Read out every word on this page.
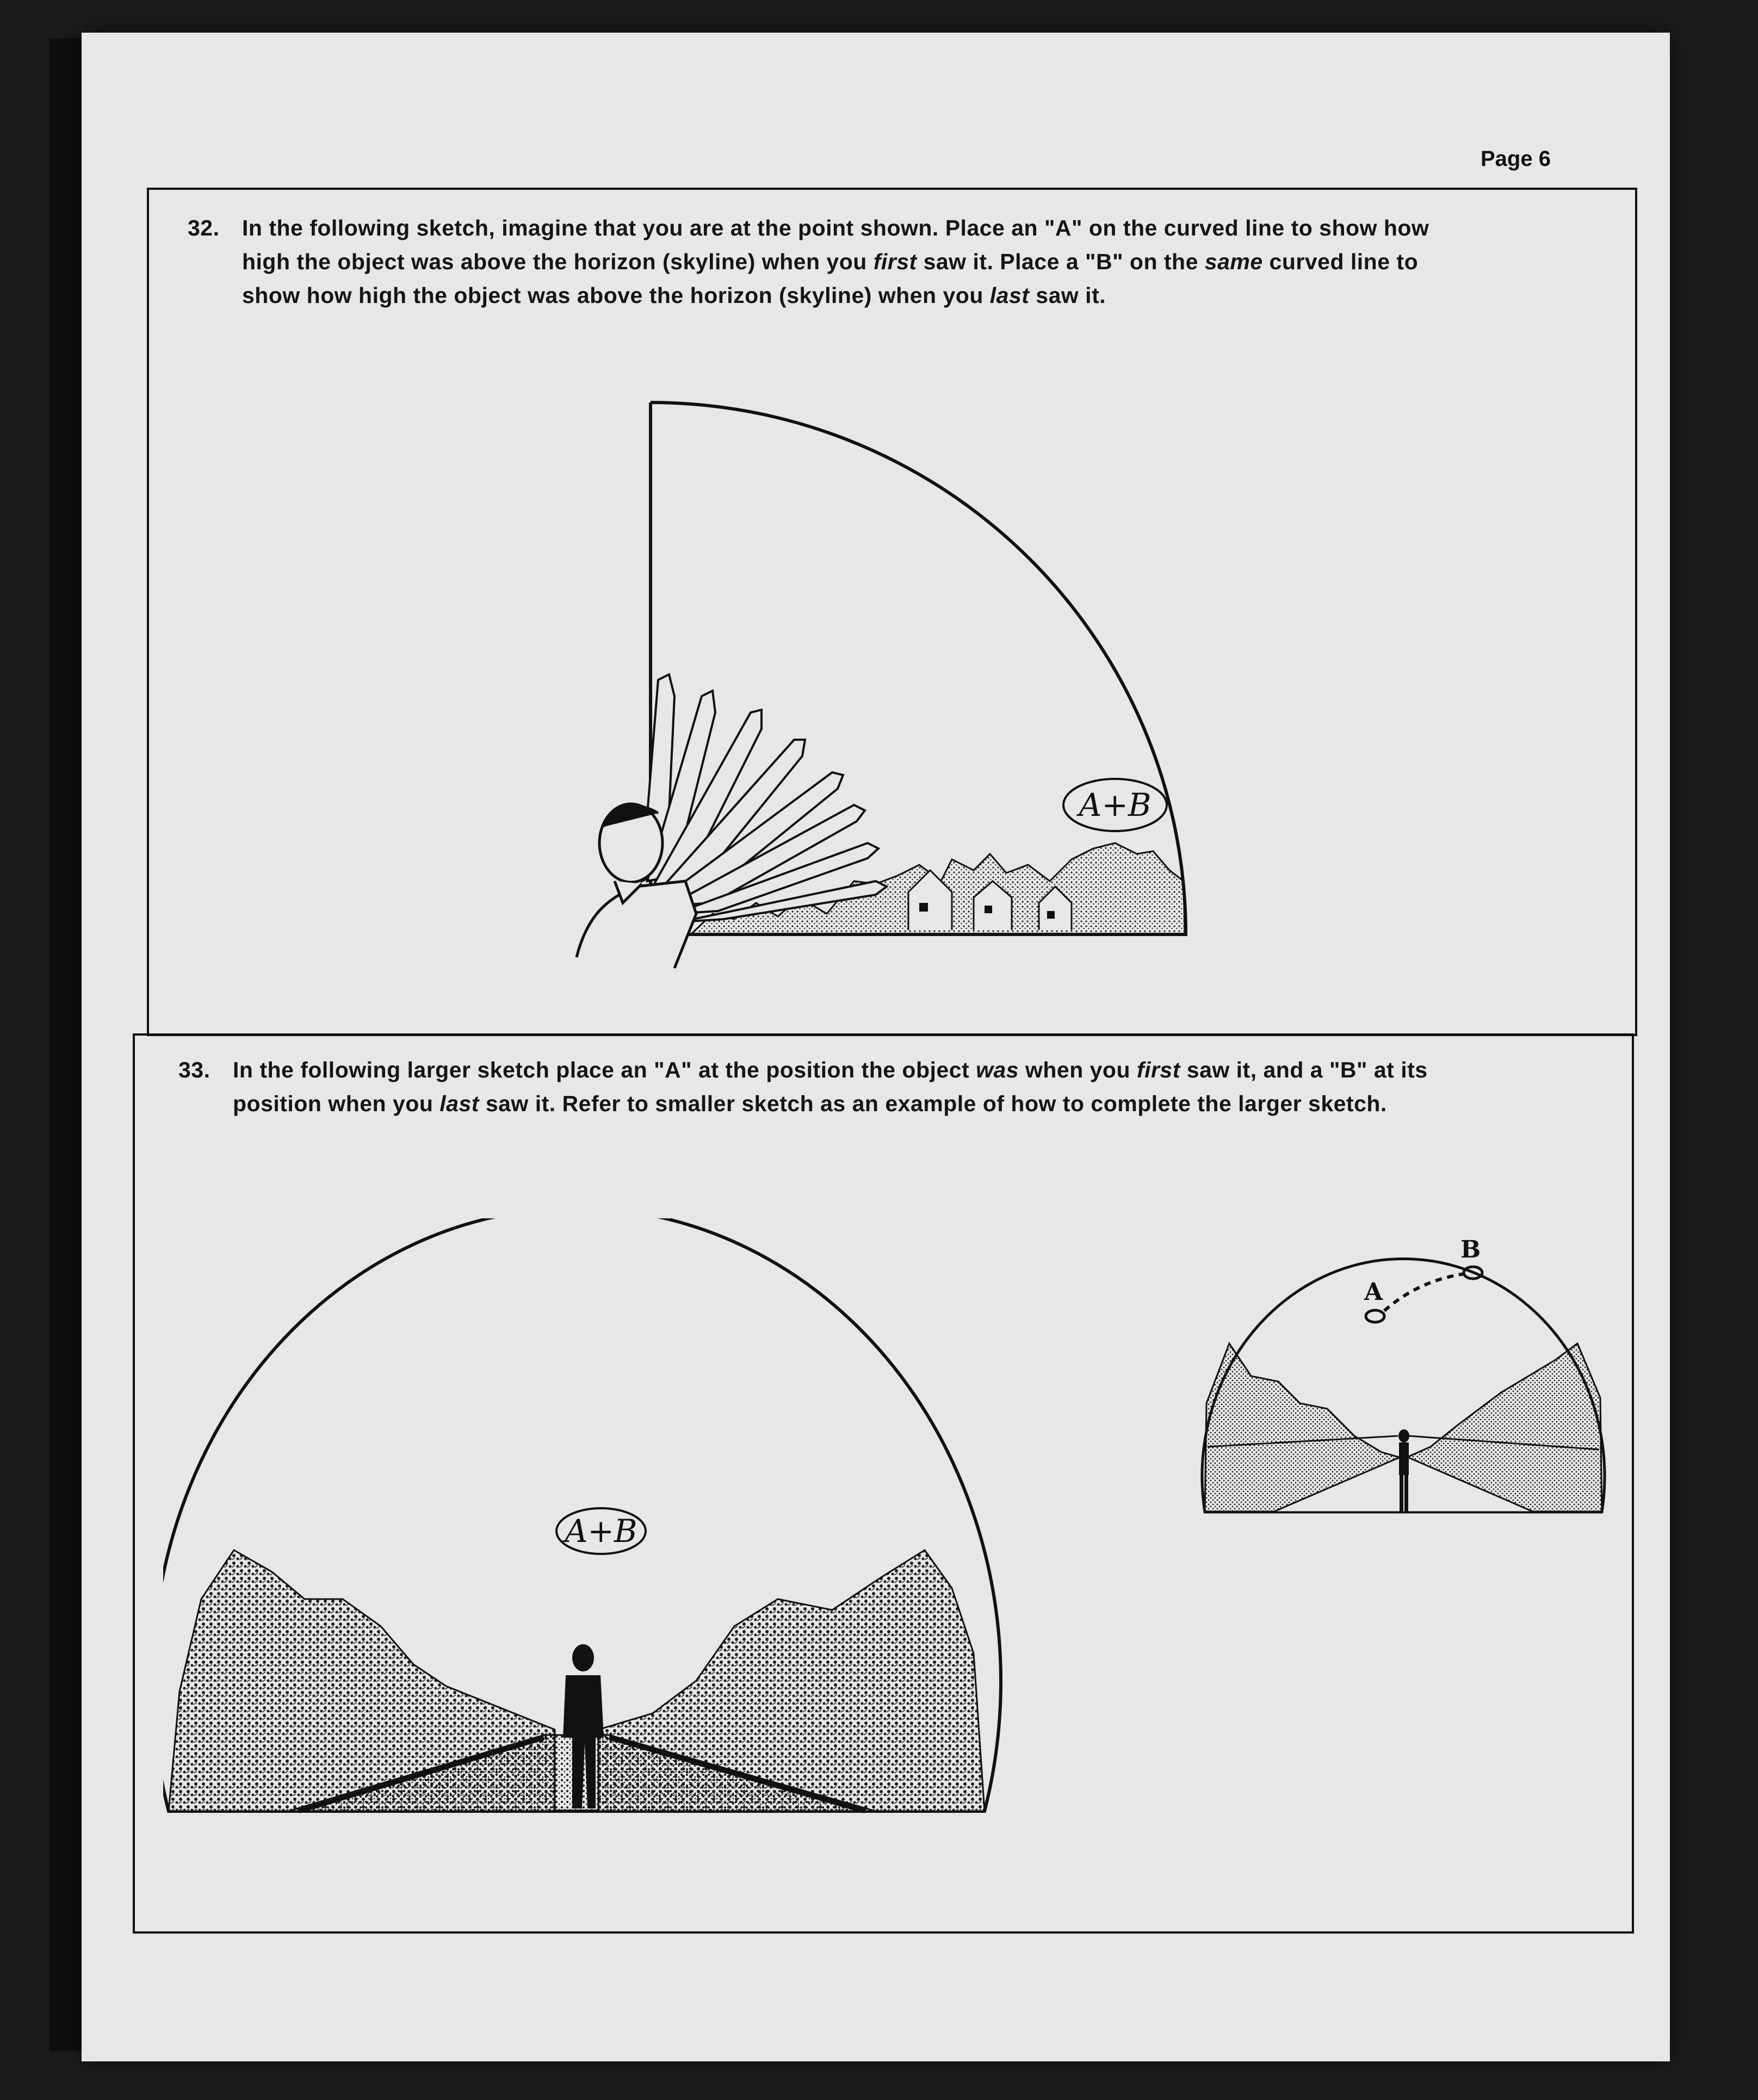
Page 6
32.	In the following sketch, imagine that you are at the point shown. Place an "A" on the curved line to show how
high the object was above the horizon (skyline) when you first saw it. Place a "B" on the same curved line to
show how high the object was above the horizon (skyline) when you last saw it.
A+B
33.	In the following larger sketch place an "A" at the position the object was when you first saw it, and a "B" at its
position when you last saw it. Refer to smaller sketch as an example of how to complete the larger sketch.
A+B
A
B
